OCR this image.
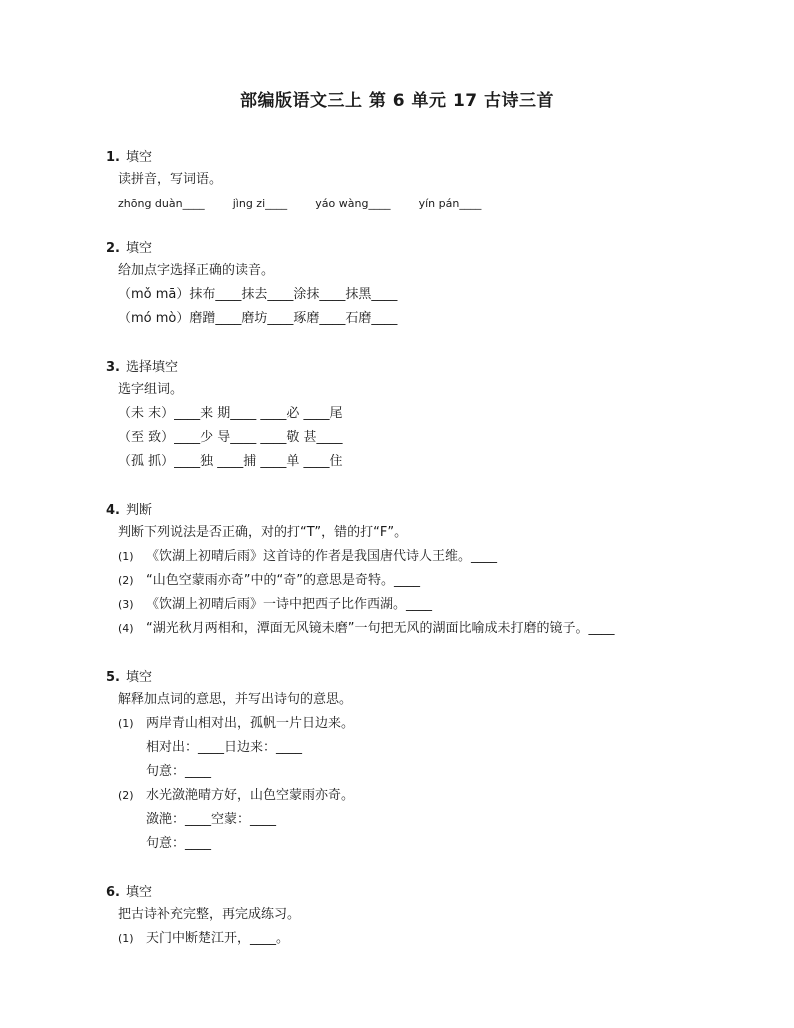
部编版语文三上 第 6 单元 17 古诗三首
1. 填空
读拼音，写词语。
zhōng duàn____	jìng zi____	yáo wàng____	yín pán____
2. 填空
给加点字选择正确的读音。
（mǒ mā）抹布____抹去____涂抹____抹黑____
（mó mò）磨蹭____磨坊____琢磨____石磨____
3. 选择填空
选字组词。
（未 末）____来 期____ ____必 ____尾
（至 致）____少 导____ ____敬 甚____
（孤 抓）____独 ____捕 ____单 ____住
4. 判断
判断下列说法是否正确，对的打“T”，错的打“F”。
(1) 《饮湖上初晴后雨》这首诗的作者是我国唐代诗人王维。____
(2) “山色空蒙雨亦奇”中的“奇”的意思是奇特。____
(3) 《饮湖上初晴后雨》一诗中把西子比作西湖。____
(4) “湖光秋月两相和，潭面无风镜未磨”一句把无风的湖面比喻成未打磨的镜子。____
5. 填空
解释加点词的意思，并写出诗句的意思。
(1) 两岸青山相对出，孤帆一片日边来。
相对出：____日边来：____
句意：____
(2) 水光潋滟晴方好，山色空蒙雨亦奇。
潋滟：____空蒙：____
句意：____
6. 填空
把古诗补充完整，再完成练习。
(1) 天门中断楚江开，____。
